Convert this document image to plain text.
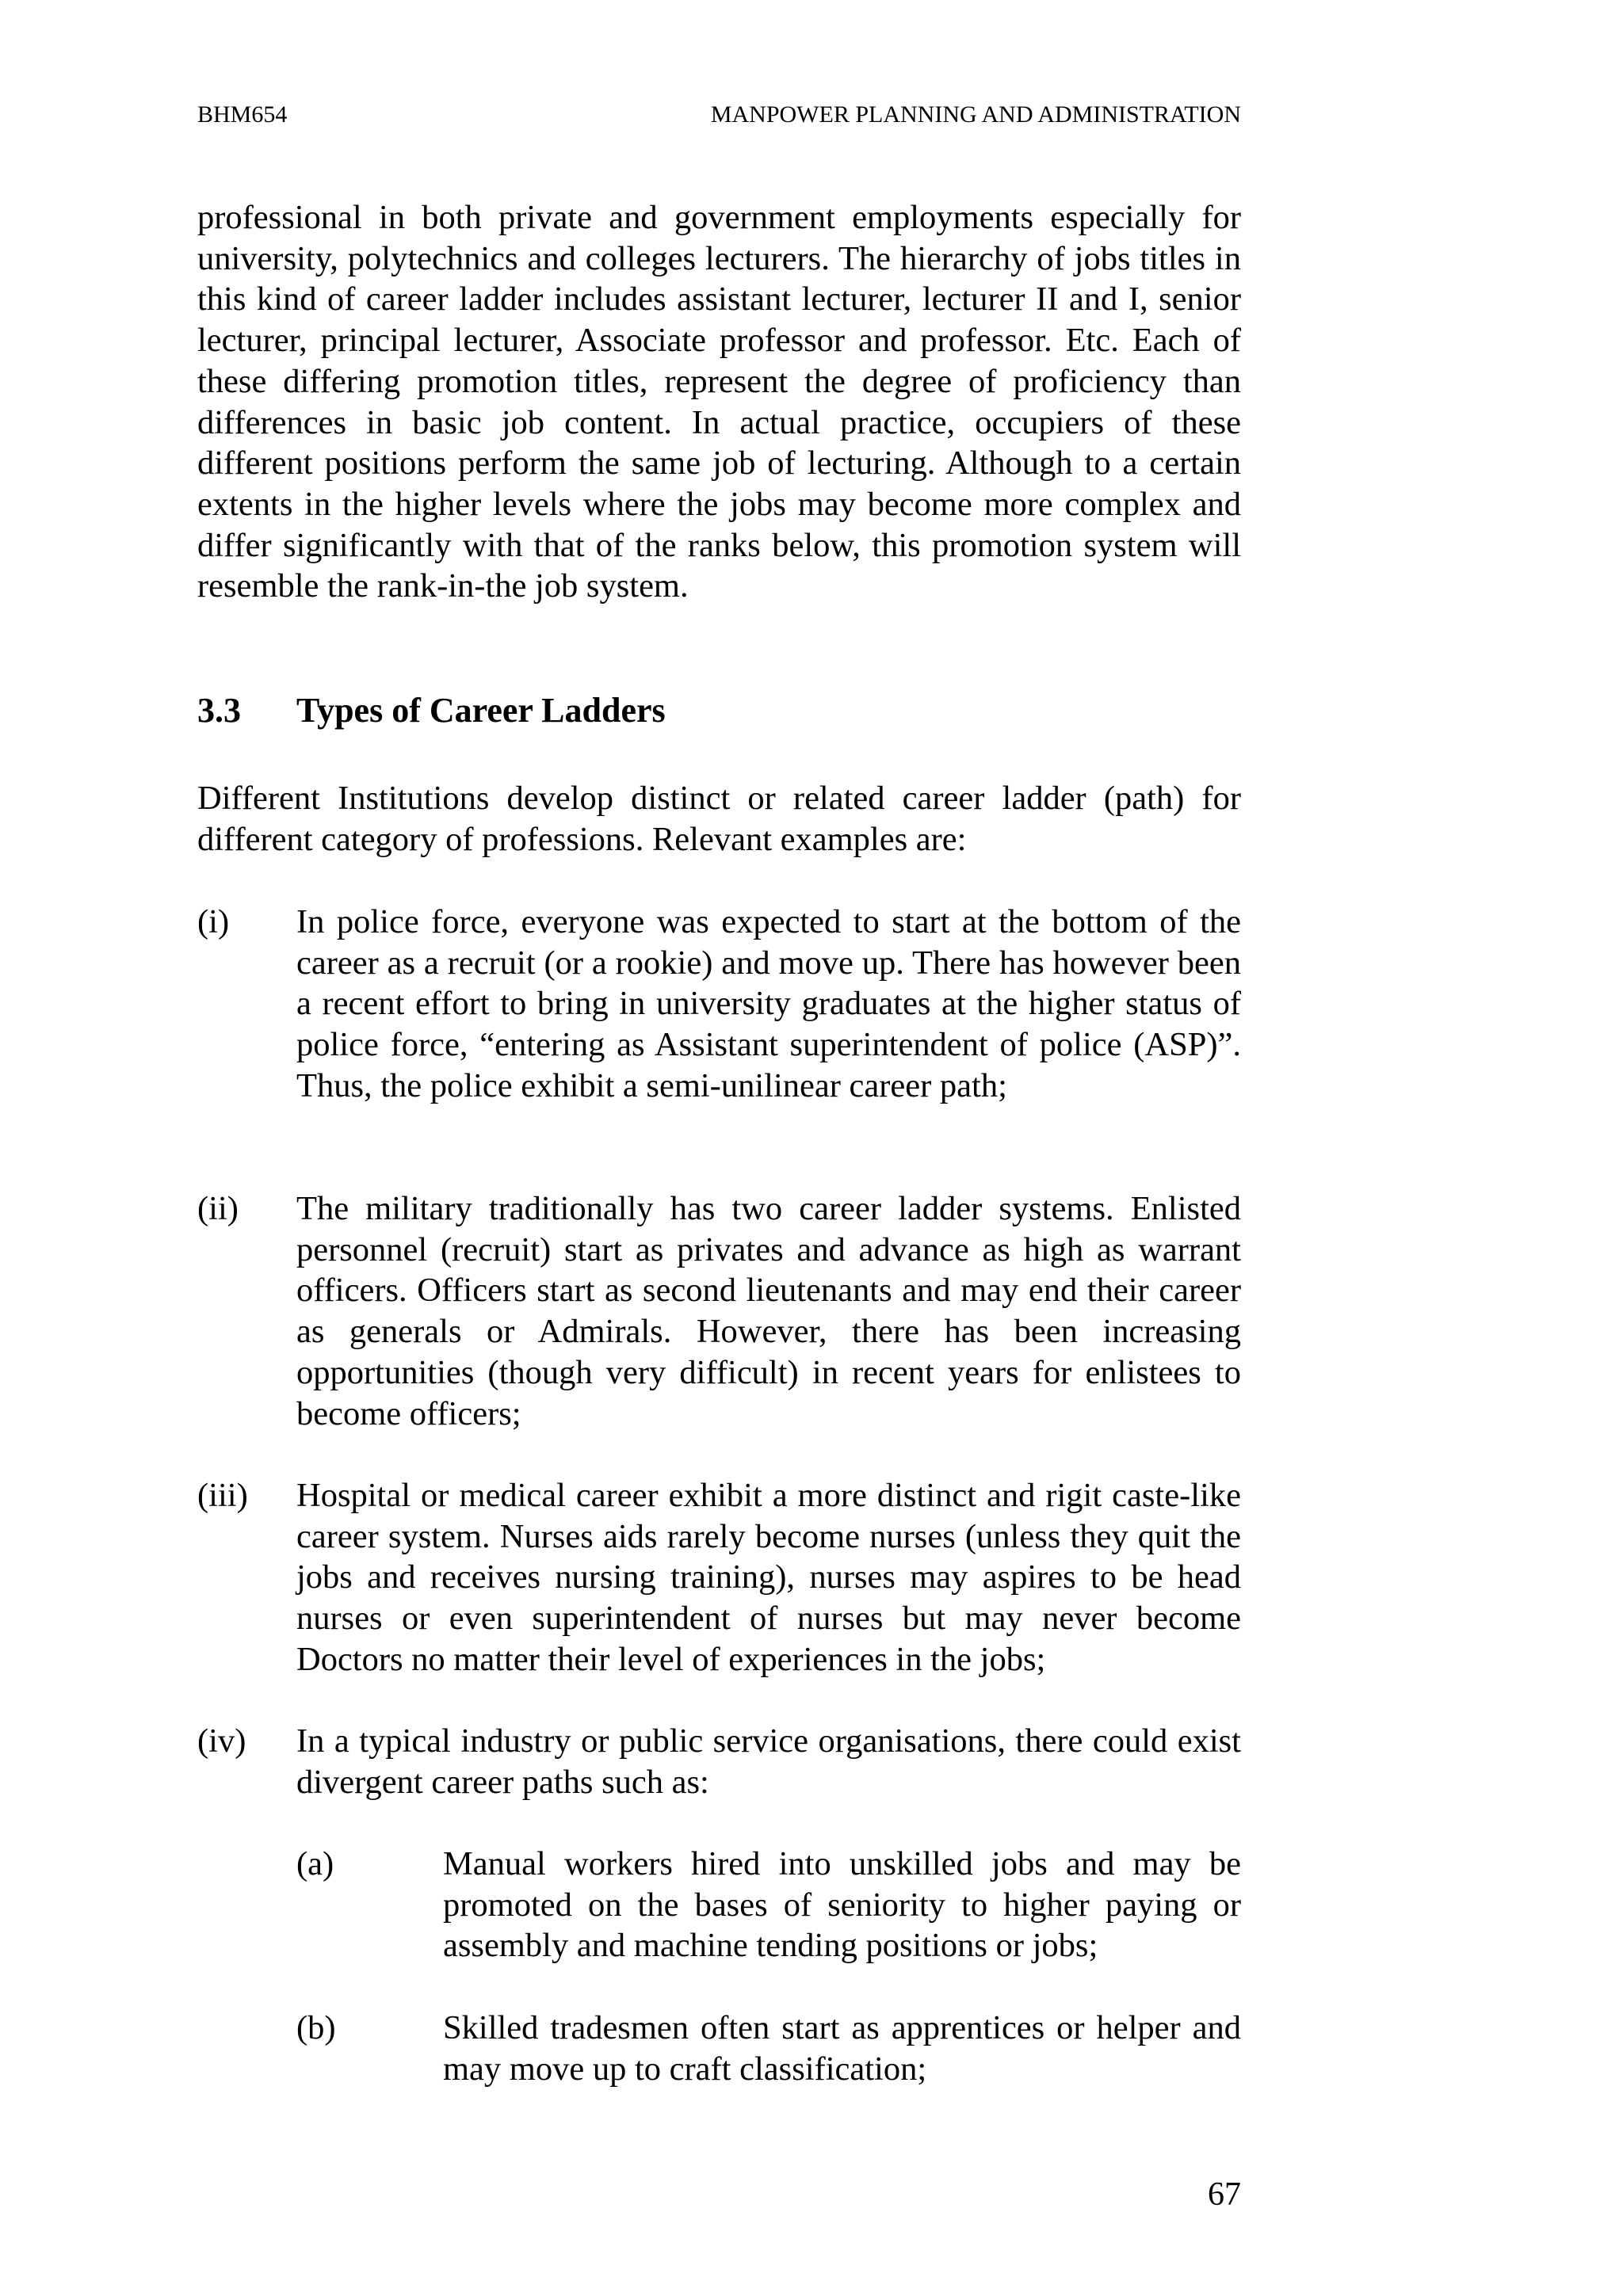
BHM654	MANPOWER PLANNING AND ADMINISTRATION

professional in both private and government employments especially for university, polytechnics and colleges lecturers. The hierarchy of jobs titles in this kind of career ladder includes assistant lecturer, lecturer II and I, senior lecturer, principal lecturer, Associate professor and professor. Etc. Each of these differing promotion titles, represent the degree of proficiency than differences in basic job content. In actual practice, occupiers of these different positions perform the same job of lecturing. Although to a certain extents in the higher levels where the jobs may become more complex and differ significantly with that of the ranks below, this promotion system will resemble the rank-in-the job system.

3.3 Types of Career Ladders

Different Institutions develop distinct or related career ladder (path) for different category of professions. Relevant examples are:

(i) In police force, everyone was expected to start at the bottom of the career as a recruit (or a rookie) and move up. There has however been a recent effort to bring in university graduates at the higher status of police force, “entering as Assistant superintendent of police (ASP)”. Thus, the police exhibit a semi-unilinear career path;

(ii) The military traditionally has two career ladder systems. Enlisted personnel (recruit) start as privates and advance as high as warrant officers. Officers start as second lieutenants and may end their career as generals or Admirals. However, there has been increasing opportunities (though very difficult) in recent years for enlistees to become officers;

(iii) Hospital or medical career exhibit a more distinct and rigit caste-like career system. Nurses aids rarely become nurses (unless they quit the jobs and receives nursing training), nurses may aspires to be head nurses or even superintendent of nurses but may never become Doctors no matter their level of experiences in the jobs;

(iv) In a typical industry or public service organisations, there could exist divergent career paths such as:

(a)	Manual workers hired into unskilled jobs and may be promoted on the bases of seniority to higher paying or assembly and machine tending positions or jobs;

(b)	Skilled tradesmen often start as apprentices or helper and may move up to craft classification;

67
